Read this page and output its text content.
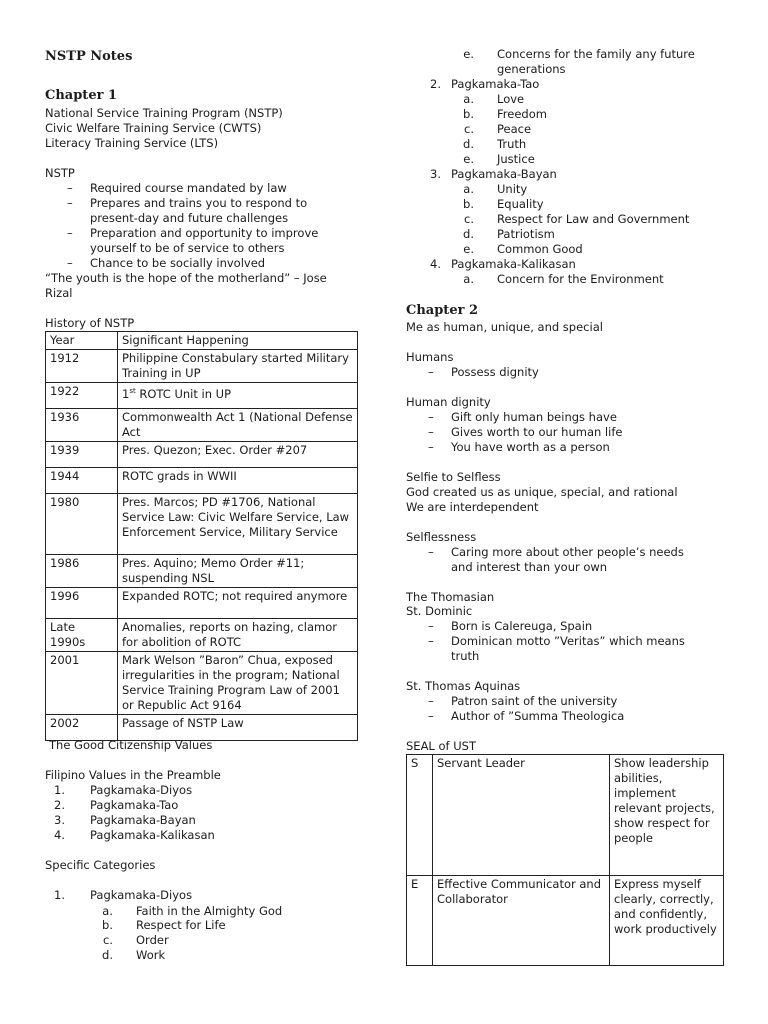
NSTP Notes
Chapter 1
National Service Training Program (NSTP)
Civic Welfare Training Service (CWTS)
Literacy Training Service (LTS)
NSTP
– Required course mandated by law
– Prepares and trains you to respond to
present-day and future challenges
– Preparation and opportunity to improve
yourself to be of service to others
– Chance to be socially involved
“The youth is the hope of the motherland” – Jose
Rizal
History of NSTP
Year	Significant Happening
1912	Philippine Constabulary started Military Training in UP
1922	1st ROTC Unit in UP
1936	Commonwealth Act 1 (National Defense Act
1939	Pres. Quezon; Exec. Order #207
1944	ROTC grads in WWII
1980	Pres. Marcos; PD #1706, National Service Law: Civic Welfare Service, Law Enforcement Service, Military Service
1986	Pres. Aquino; Memo Order #11; suspending NSL
1996	Expanded ROTC; not required anymore
Late 1990s	Anomalies, reports on hazing, clamor for abolition of ROTC
2001	Mark Welson ”Baron” Chua, exposed irregularities in the program; National Service Training Program Law of 2001 or Republic Act 9164
2002	Passage of NSTP Law
The Good Citizenship Values
Filipino Values in the Preamble
1. Pagkamaka-Diyos
2. Pagkamaka-Tao
3. Pagkamaka-Bayan
4. Pagkamaka-Kalikasan
Specific Categories
1. Pagkamaka-Diyos
a. Faith in the Almighty God
b. Respect for Life
c. Order
d. Work
e. Concerns for the family any future
generations
2. Pagkamaka-Tao
a. Love
b. Freedom
c. Peace
d. Truth
e. Justice
3. Pagkamaka-Bayan
a. Unity
b. Equality
c. Respect for Law and Government
d. Patriotism
e. Common Good
4. Pagkamaka-Kalikasan
a. Concern for the Environment
Chapter 2
Me as human, unique, and special
Humans
– Possess dignity
Human dignity
– Gift only human beings have
– Gives worth to our human life
– You have worth as a person
Selfie to Selfless
God created us as unique, special, and rational
We are interdependent
Selflessness
– Caring more about other people’s needs
and interest than your own
The Thomasian
St. Dominic
– Born is Calereuga, Spain
– Dominican motto ”Veritas” which means
truth
St. Thomas Aquinas
– Patron saint of the university
– Author of ”Summa Theologica
SEAL of UST
S	Servant Leader	Show leadership abilities, implement relevant projects, show respect for people
E	Effective Communicator and Collaborator	Express myself clearly, correctly, and confidently, work productively
